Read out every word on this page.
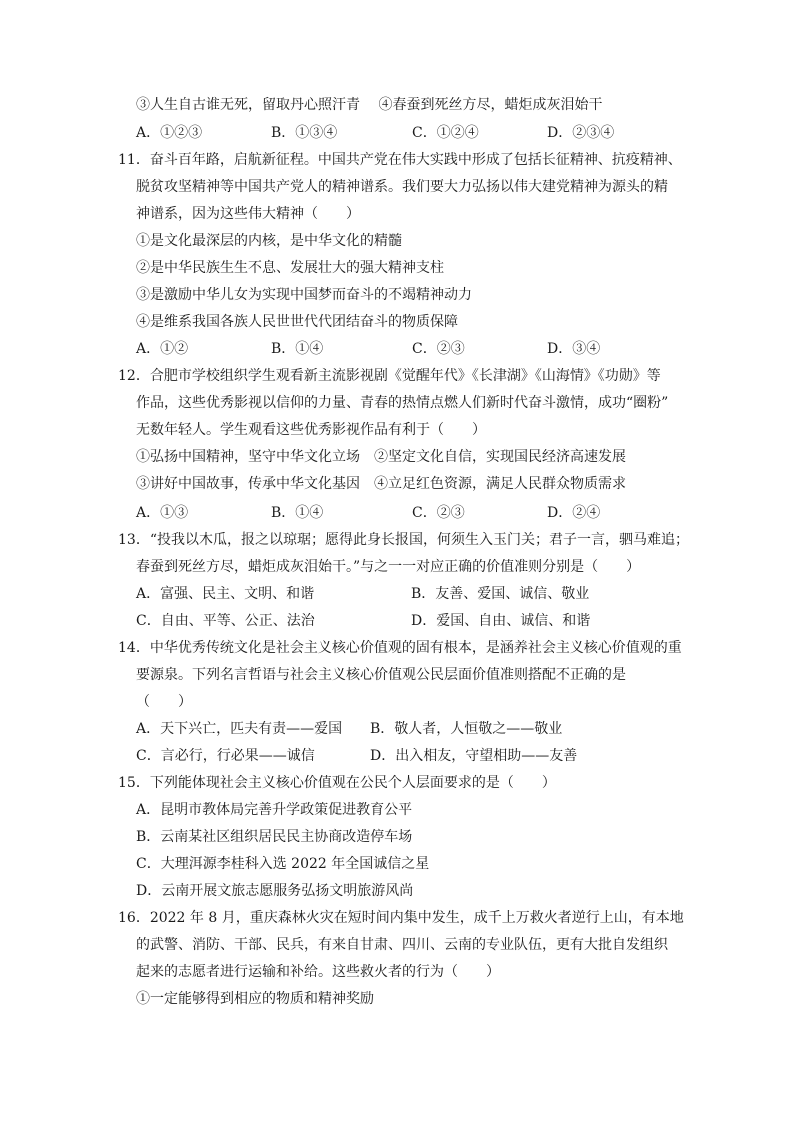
③人生自古谁无死，留取丹心照汗青　 ④春蚕到死丝方尽，蜡炬成灰泪始干
A．①②③	B．①③④	C．①②④	D．②③④
11．奋斗百年路，启航新征程。中国共产党在伟大实践中形成了包括长征精神、抗疫精神、
脱贫攻坚精神等中国共产党人的精神谱系。我们要大力弘扬以伟大建党精神为源头的精
神谱系，因为这些伟大精神（　　）
①是文化最深层的内核，是中华文化的精髓
②是中华民族生生不息、发展壮大的强大精神支柱
③是激励中华儿女为实现中国梦而奋斗的不竭精神动力
④是维系我国各族人民世世代代团结奋斗的物质保障
A．①②	B．①④	C．②③	D．③④
12．合肥市学校组织学生观看新主流影视剧《觉醒年代》《长津湖》《山海情》《功勋》等
作品，这些优秀影视以信仰的力量、青春的热情点燃人们新时代奋斗激情，成功“圈粉”
无数年轻人。学生观看这些优秀影视作品有利于（　　）
①弘扬中国精神，坚守中华文化立场　②坚定文化自信，实现国民经济高速发展
③讲好中国故事，传承中华文化基因　④立足红色资源，满足人民群众物质需求
A．①③	B．①④	C．②③	D．②④
13．“投我以木瓜，报之以琼琚；愿得此身长报国，何须生入玉门关；君子一言，驷马难追；
春蚕到死丝方尽，蜡炬成灰泪始干。”与之一一对应正确的价值准则分别是（　　）
A．富强、民主、文明、和谐	B．友善、爱国、诚信、敬业
C．自由、平等、公正、法治	D．爱国、自由、诚信、和谐
14．中华优秀传统文化是社会主义核心价值观的固有根本，是涵养社会主义核心价值观的重
要源泉。下列名言哲语与社会主义核心价值观公民层面价值准则搭配不正确的是
（　　）
A．天下兴亡，匹夫有责——爱国 B．敬人者，人恒敬之——敬业
C．言必行，行必果——诚信	D．出入相友，守望相助——友善
15．下列能体现社会主义核心价值观在公民个人层面要求的是（　　）
A．昆明市教体局完善升学政策促进教育公平
B．云南某社区组织居民民主协商改造停车场
C．大理洱源李桂科入选 2022 年全国诚信之星
D．云南开展文旅志愿服务弘扬文明旅游风尚
16．2022 年 8 月，重庆森林火灾在短时间内集中发生，成千上万救火者逆行上山，有本地
的武警、消防、干部、民兵，有来自甘肃、四川、云南的专业队伍，更有大批自发组织
起来的志愿者进行运输和补给。这些救火者的行为（　　）
①一定能够得到相应的物质和精神奖励
